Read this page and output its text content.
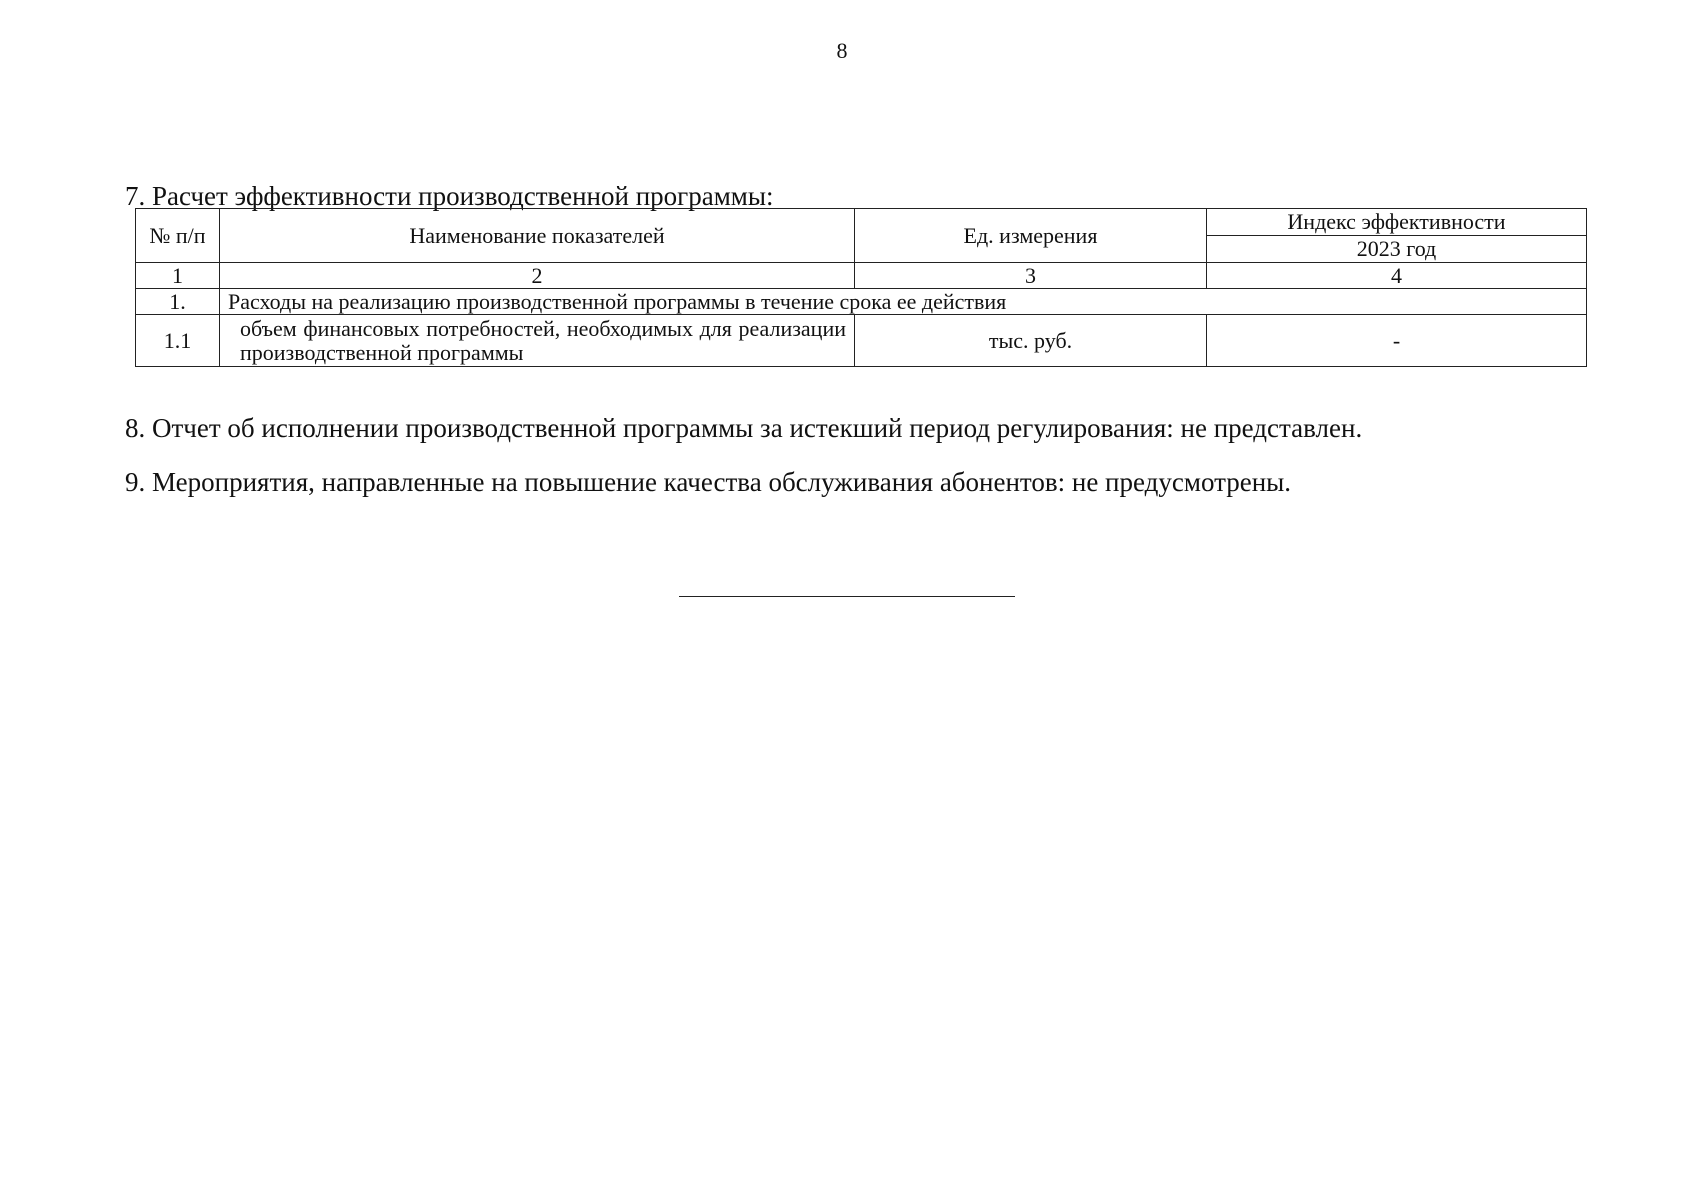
8
7. Расчет эффективности производственной программы:
№ п/п	Наименование показателей	Ед. измерения	Индекс эффективности
			2023 год
1	2	3	4
1.	Расходы на реализацию производственной программы в течение срока ее действия		
1.1	объем финансовых потребностей, необходимых для реализации производственной программы	тыс. руб.	-
8. Отчет об исполнении производственной программы за истекший период регулирования: не представлен.
9. Мероприятия, направленные на повышение качества обслуживания абонентов: не предусмотрены.
